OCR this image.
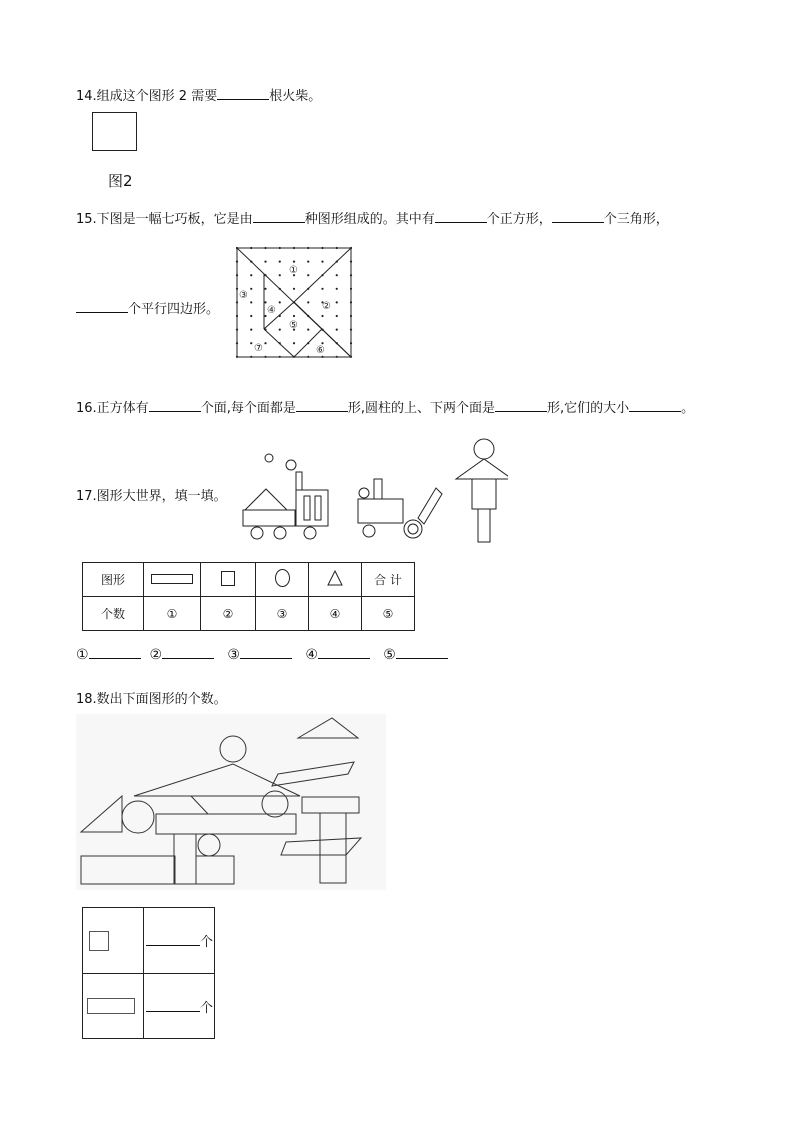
14.组成这个图形 2 需要	根火柴。
图2
15.下图是一幅七巧板，它是由	种图形组成的。其中有	个正方形，	个三角形，
个平行四边形。
①
②
③
④
⑤
⑥
⑦
16.正方体有	个面,每个面都是	形,圆柱的上、下两个面是	形,它们的大小	。
17.图形大世界，填一填。
图形					合 计
个数	①	②	③	④	⑤
①	②	③	④	⑤
18.数出下面图形的个数。
	个

	个
